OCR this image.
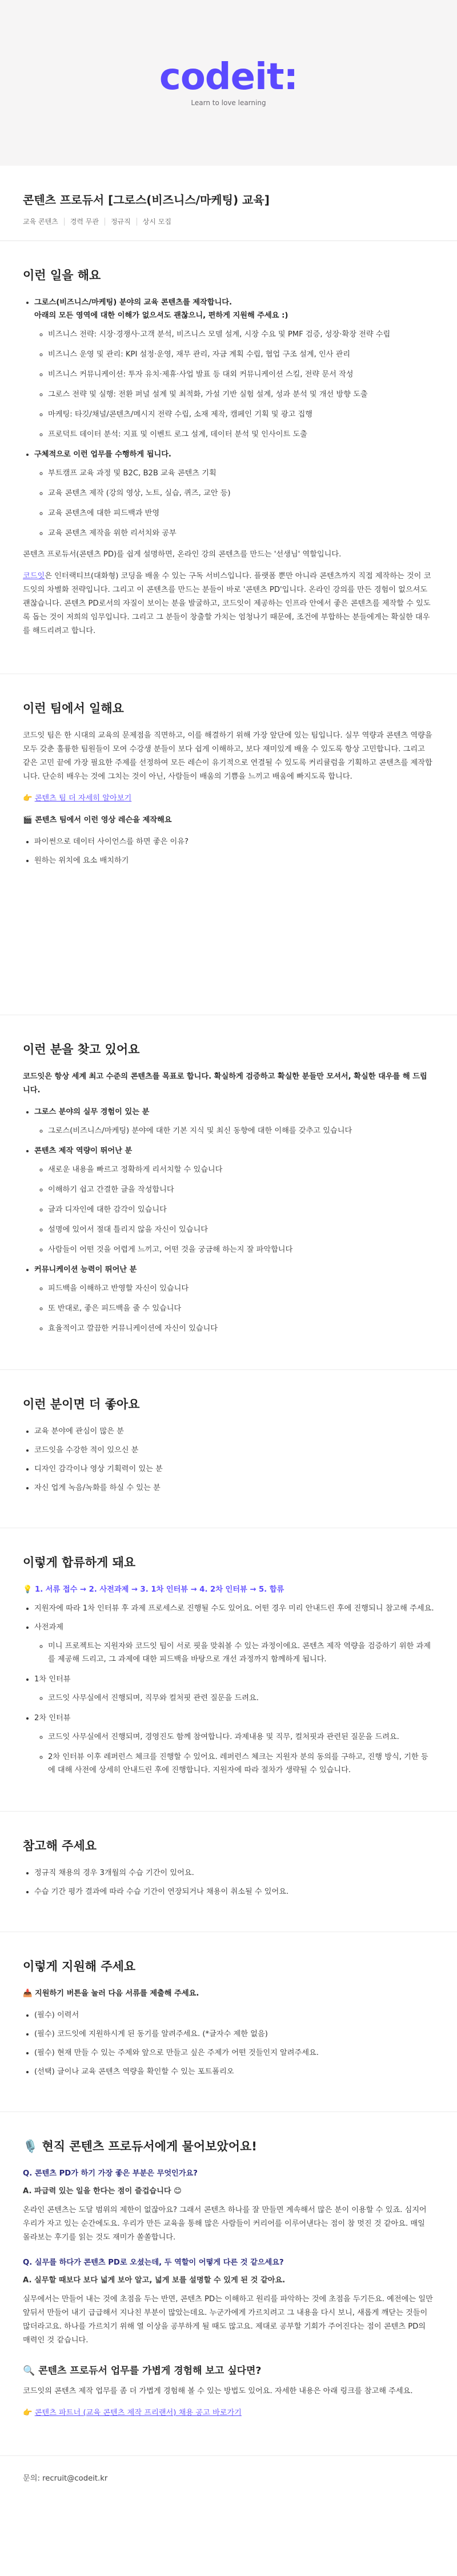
codeit:
Learn to love learning
콘텐츠 프로듀서 [그로스(비즈니스/마케팅) 교육]
교육 콘텐츠	경력 무관	정규직	상시 모집
이런 일을 해요
• 그로스(비즈니스/마케팅) 분야의 교육 콘텐츠를 제작합니다.
아래의 모든 영역에 대한 이해가 없으셔도 괜찮으니, 편하게 지원해 주세요 :)
◦ 비즈니스 전략: 시장·경쟁사·고객 분석, 비즈니스 모델 설계, 시장 수요 및 PMF 검증, 성장·확장 전략 수립
◦ 비즈니스 운영 및 관리: KPI 설정·운영, 재무 관리, 자금 계획 수립, 협업 구조 설계, 인사 관리
◦ 비즈니스 커뮤니케이션: 투자 유치·제휴·사업 발표 등 대외 커뮤니케이션 스킬, 전략 문서 작성
◦ 그로스 전략 및 실행: 전환 퍼널 설계 및 최적화, 가설 기반 실험 설계, 성과 분석 및 개선 방향 도출
◦ 마케팅: 타깃/채널/콘텐츠/메시지 전략 수립, 소재 제작, 캠페인 기획 및 광고 집행
◦ 프로덕트 데이터 분석: 지표 및 이벤트 로그 설계, 데이터 분석 및 인사이트 도출
• 구체적으로 이런 업무를 수행하게 됩니다.
◦ 부트캠프 교육 과정 및 B2C, B2B 교육 콘텐츠 기획
◦ 교육 콘텐츠 제작 (강의 영상, 노트, 실습, 퀴즈, 교안 등)
◦ 교육 콘텐츠에 대한 피드백과 반영
◦ 교육 콘텐츠 제작을 위한 리서치와 공부

콘텐츠 프로듀서(콘텐츠 PD)를 쉽게 설명하면, 온라인 강의 콘텐츠를 만드는 '선생님' 역할입니다.

코드잇은 인터랙티브(대화형) 코딩을 배울 수 있는 구독 서비스입니다. 플랫폼 뿐만 아니라 콘텐츠까지 직접 제작하는 것이 코드잇의 차별화 전략입니다. 그리고 이 콘텐츠를 만드는 분들이 바로 '콘텐츠 PD'입니다. 온라인 강의를 만든 경험이 없으셔도 괜찮습니다. 콘텐츠 PD로서의 자질이 보이는 분을 발굴하고, 코드잇이 제공하는 인프라 안에서 좋은 콘텐츠를 제작할 수 있도록 돕는 것이 저희의 임무입니다. 그리고 그 분들이 창출할 가치는 엄청나기 때문에, 조건에 부합하는 분들에게는 확실한 대우를 해드리려고 합니다.

이런 팀에서 일해요

코드잇 팀은 한 시대의 교육의 문제점을 직면하고, 이를 해결하기 위해 가장 앞단에 있는 팀입니다. 실무 역량과 콘텐츠 역량을 모두 갖춘 훌륭한 팀원들이 모여 수강생 분들이 보다 쉽게 이해하고, 보다 재미있게 배울 수 있도록 항상 고민합니다. 그리고 같은 고민 끝에 가장 필요한 주제를 선정하여 모든 레슨이 유기적으로 연결될 수 있도록 커리큘럼을 기획하고 콘텐츠를 제작합니다. 단순히 배우는 것에 그치는 것이 아닌, 사람들이 배움의 기쁨을 느끼고 배움에 빠지도록 합니다.

👉 콘텐츠 팀 더 자세히 알아보기
🎬 콘텐츠 팀에서 이런 영상 레슨을 제작해요
• 파이썬으로 데이터 사이언스를 하면 좋은 이유?
• 원하는 위치에 요소 배치하기
이런 분을 찾고 있어요

코드잇은 항상 세계 최고 수준의 콘텐츠를 목표로 합니다. 확실하게 검증하고 확실한 분들만 모셔서, 확실한 대우를 해 드립니다.

• 그로스 분야의 실무 경험이 있는 분
◦ 그로스(비즈니스/마케팅) 분야에 대한 기본 지식 및 최신 동향에 대한 이해를 갖추고 있습니다
• 콘텐츠 제작 역량이 뛰어난 분
◦ 새로운 내용을 빠르고 정확하게 리서치할 수 있습니다
◦ 이해하기 쉽고 간결한 글을 작성합니다
◦ 글과 디자인에 대한 감각이 있습니다
◦ 설명에 있어서 절대 틀리지 않을 자신이 있습니다
◦ 사람들이 어떤 것을 어렵게 느끼고, 어떤 것을 궁금해 하는지 잘 파악합니다
• 커뮤니케이션 능력이 뛰어난 분
◦ 피드백을 이해하고 반영할 자신이 있습니다
◦ 또 반대로, 좋은 피드백을 줄 수 있습니다
◦ 효율적이고 깔끔한 커뮤니케이션에 자신이 있습니다
이런 분이면 더 좋아요
• 교육 분야에 관심이 많은 분
• 코드잇을 수강한 적이 있으신 분
• 디자인 감각이나 영상 기획력이 있는 분
• 자신 업게 녹음/녹화를 하실 수 있는 분
이렇게 합류하게 돼요
💡 1. 서류 접수 → 2. 사전과제 → 3. 1차 인터뷰 → 4. 2차 인터뷰 → 5. 합류
• 지원자에 따라 1차 인터뷰 후 과제 프로세스로 진행될 수도 있어요. 어떤 경우 미리 안내드린 후에 진행되니 참고해 주세요.
• 사전과제
◦ 미니 프로젝트는 지원자와 코드잇 팀이 서로 핏을 맞춰볼 수 있는 과정이에요. 콘텐츠 제작 역량을 검증하기 위한 과제를 제공해 드리고, 그 과제에 대한 피드백을 바탕으로 개선 과정까지 함께하게 됩니다.
• 1차 인터뷰
◦ 코드잇 사무실에서 진행되며, 직무와 컬처핏 관련 질문을 드려요.
• 2차 인터뷰
◦ 코드잇 사무실에서 진행되며, 경영진도 함께 참여합니다. 과제내용 및 직무, 컬처핏과 관련된 질문을 드려요.
◦ 2차 인터뷰 이후 레퍼런스 체크를 진행할 수 있어요. 레퍼런스 체크는 지원자 분의 동의를 구하고, 진행 방식, 기한 등에 대해 사전에 상세히 안내드린 후에 진행합니다. 지원자에 따라 절차가 생략될 수 있습니다.
참고해 주세요
• 정규직 채용의 경우 3개월의 수습 기간이 있어요.
• 수습 기간 평가 결과에 따라 수습 기간이 연장되거나 채용이 취소될 수 있어요.
이렇게 지원해 주세요
📥 지원하기 버튼을 눌러 다음 서류를 제출해 주세요.
• (필수) 이력서
• (필수) 코드잇에 지원하시게 된 동기를 알려주세요. (*글자수 제한 없음)
• (필수) 현재 만들 수 있는 주제와 앞으로 만들고 싶은 주제가 어떤 것들인지 알려주세요.
• (선택) 글이나 교육 콘텐츠 역량을 확인할 수 있는 포트폴리오
🎙️ 현직 콘텐츠 프로듀서에게 물어보았어요!
Q. 콘텐츠 PD가 하기 가장 좋은 부분은 무엇인가요?
A. 파급력 있는 일을 한다는 점이 즐겁습니다 😊

온라인 콘텐츠는 도달 범위의 제한이 없잖아요? 그래서 콘텐츠 하나를 잘 만들면 계속해서 많은 분이 이용할 수 있죠. 심지어 우리가 자고 있는 순간에도요. 우리가 만든 교육을 통해 많은 사람들이 커리어를 이루어낸다는 점이 참 멋진 것 같아요. 매일 몰라보는 후기를 읽는 것도 재미가 쏠쏠합니다.

Q. 실무를 하다가 콘텐츠 PD로 오셨는데, 두 역할이 어떻게 다른 것 같으세요?
A. 실무할 때보다 보다 넓게 보아 알고, 넓게 보를 설명할 수 있게 된 것 같아요.

실무에서는 만들어 내는 것에 초점을 두는 반면, 콘텐츠 PD는 이해하고 원리를 파악하는 것에 초점을 두기든요. 예전에는 일만 앞뒤서 만들어 내기 급급해서 지나친 부분이 많았는데요. 누군가에게 가르치려고 그 내용을 다시 보니, 새롭게 깨닫는 것들이 많더라고요. 하나를 가르치기 위해 열 이상을 공부하게 될 때도 많고요. 제대로 공부할 기회가 주어진다는 점이 콘텐츠 PD의 매력인 것 같습니다.

🔍 콘텐츠 프로듀서 업무를 가볍게 경험해 보고 싶다면?

코드잇의 콘텐츠 제작 업무를 좀 더 가볍게 경험해 볼 수 있는 방법도 있어요. 자세한 내용은 아래 링크를 참고해 주세요.

👉 콘텐츠 파트너 (교육 콘텐츠 제작 프리랜서) 채용 공고 바로가기
문의: recruit@codeit.kr
